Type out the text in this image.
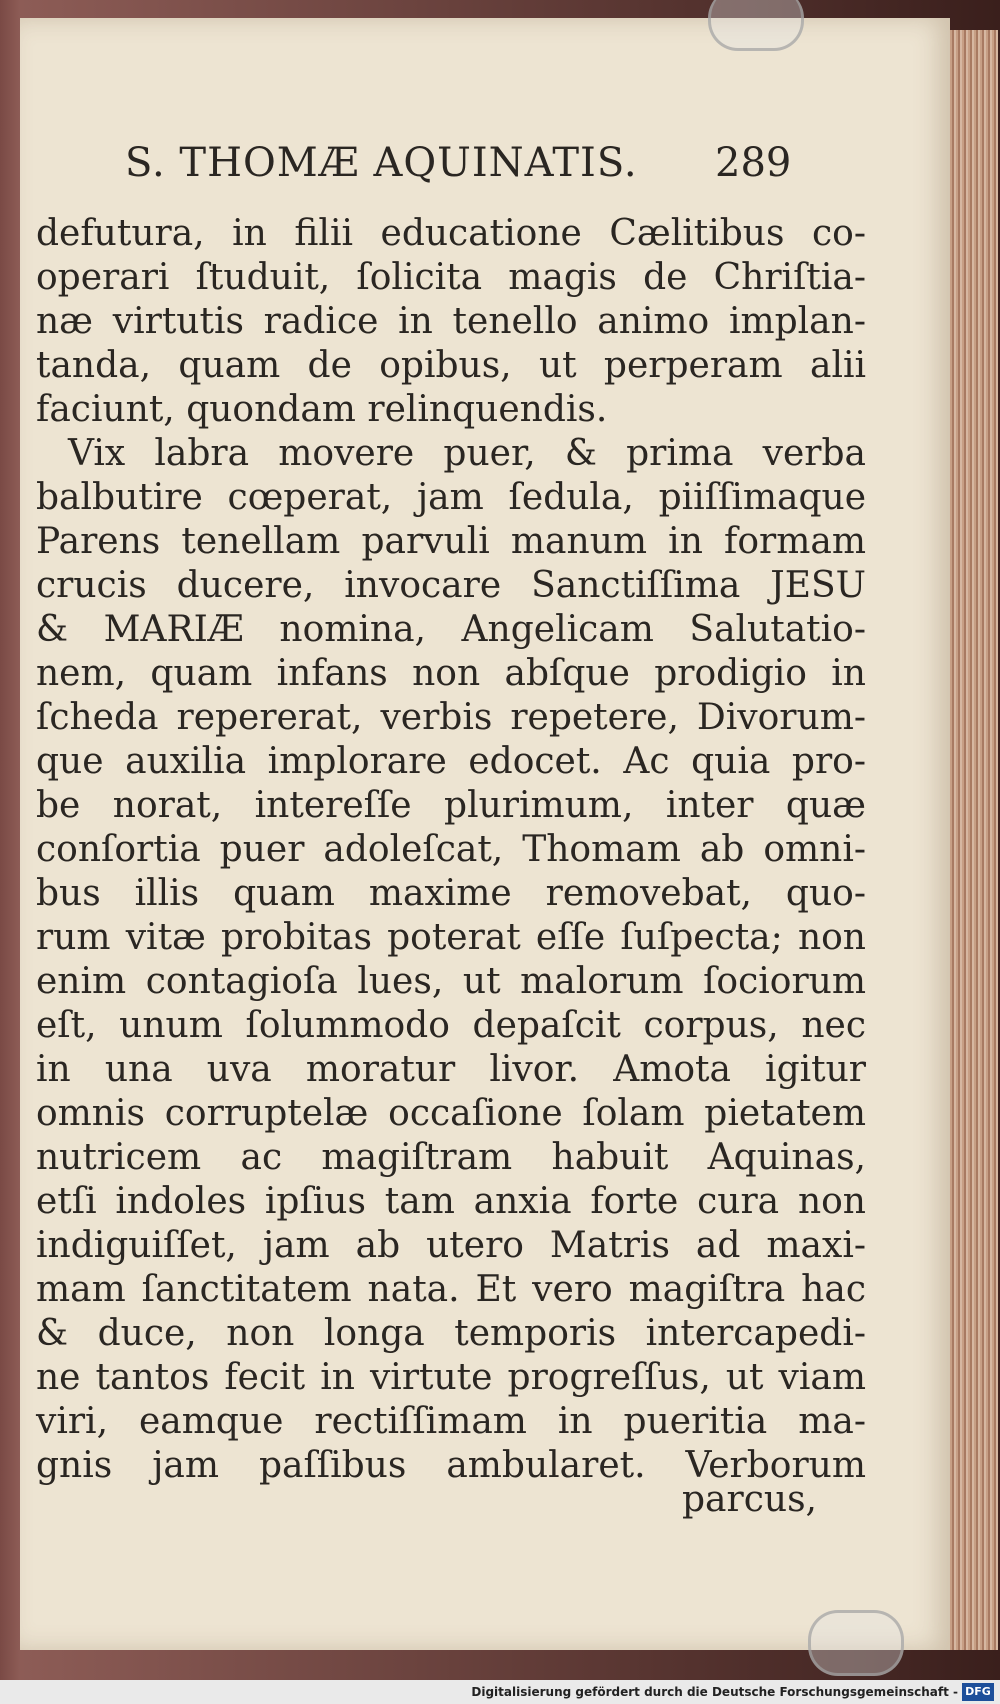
S. THOMÆ AQUINATIS. 289
defutura, in filii educatione Cælitibus co-
operari ſtuduit, ſolicita magis de Chriſtia-
næ virtutis radice in tenello animo implan-
tanda, quam de opibus, ut perperam alii
faciunt, quondam relinquendis.
Vix labra movere puer, & prima verba
balbutire cœperat, jam ſedula, piiſſimaque
Parens tenellam parvuli manum in formam
crucis ducere, invocare Sanctiſſima JESU
& MARIÆ nomina, Angelicam Salutatio-
nem, quam infans non abſque prodigio in
ſcheda repererat, verbis repetere, Divorum-
que auxilia implorare edocet. Ac quia pro-
be norat, intereſſe plurimum, inter quæ
conſortia puer adoleſcat, Thomam ab omni-
bus illis quam maxime removebat, quo-
rum vitæ probitas poterat eſſe ſuſpecta; non
enim contagioſa lues, ut malorum ſociorum
eſt, unum ſolummodo depaſcit corpus, nec
in una uva moratur livor. Amota igitur
omnis corruptelæ occaſione ſolam pietatem
nutricem ac magiſtram habuit Aquinas,
etſi indoles ipſius tam anxia forte cura non
indiguiſſet, jam ab utero Matris ad maxi-
mam ſanctitatem nata. Et vero magiſtra hac
& duce, non longa temporis intercapedi-
ne tantos fecit in virtute progreſſus, ut viam
viri, eamque rectiſſimam in pueritia ma-
gnis jam paſſibus ambularet. Verborum
parcus,
Digitalisierung gefördert durch die Deutsche Forschungsgemeinschaft - DFG
